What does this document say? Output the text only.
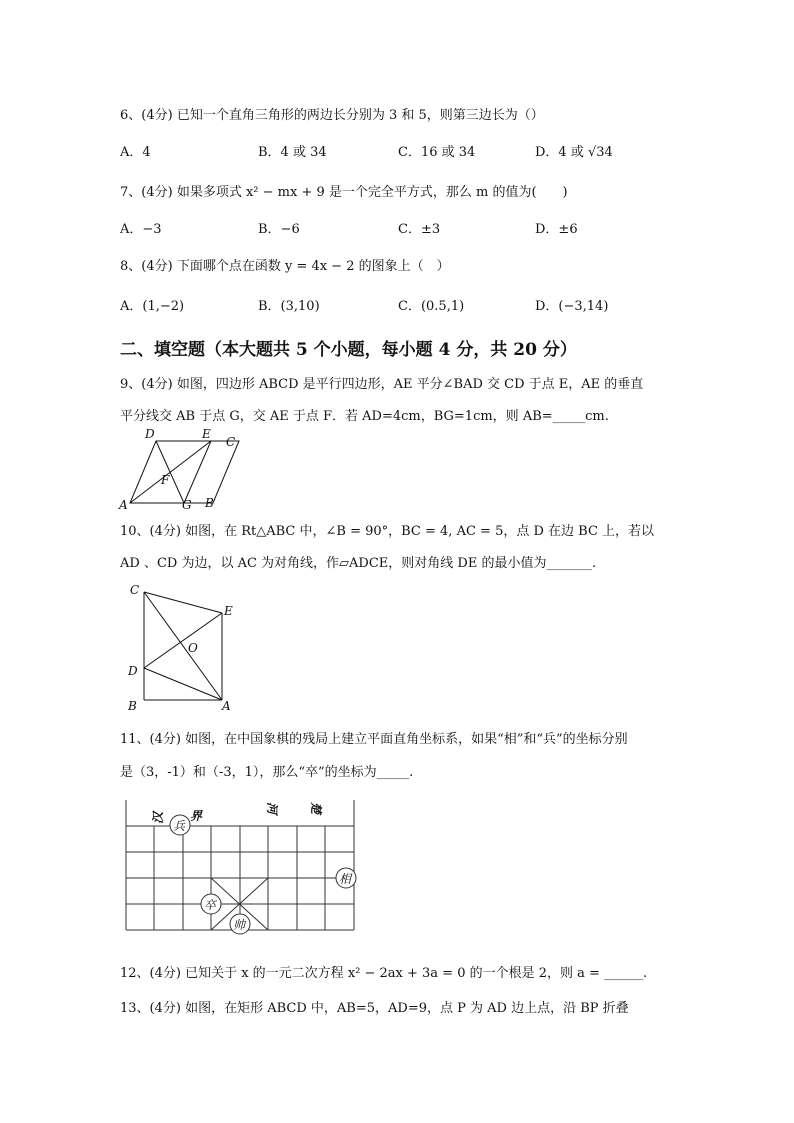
6、(4分) 已知一个直角三角形的两边长分别为 3 和 5，则第三边长为（）
A．4	B．4 或 34	C．16 或 34	D．4 或 √34
7、(4分) 如果多项式 x² − mx + 9 是一个完全平方式，那么 m 的值为(　　)
A．−3	B．−6	C．±3	D．±6
8、(4分) 下面哪个点在函数 y = 4x − 2 的图象上（　）
A．(1,−2)	B．(3,10)	C．(0.5,1)	D．(−3,14)
二、填空题（本大题共 5 个小题，每小题 4 分，共 20 分）
9、(4分) 如图，四边形 ABCD 是平行四边形，AE 平分∠BAD 交 CD 于点 E，AE 的垂直
平分线交 AB 于点 G，交 AE 于点 F．若 AD=4cm，BG=1cm，则 AB=_____cm.
D	E
C
A
F
G B
10、(4分) 如图，在 Rt△ABC 中，∠B = 90°，BC = 4, AC = 5，点 D 在边 BC 上，若以
AD 、CD 为边，以 AC 为对角线，作▱ADCE，则对角线 DE 的最小值为_______.
C
E
O
D
B	A
11、(4分) 如图，在中国象棋的残局上建立平面直角坐标系，如果“相”和“兵”的坐标分别
是（3，-1）和（-3，1），那么“卒”的坐标为_____.
汉 界
河	楚
兵
相
卒
帅
12、(4分) 已知关于 x 的一元二次方程 x² − 2ax + 3a = 0 的一个根是 2，则 a = ______.
13、(4分) 如图，在矩形 ABCD 中，AB=5，AD=9，点 P 为 AD 边上点，沿 BP 折叠
